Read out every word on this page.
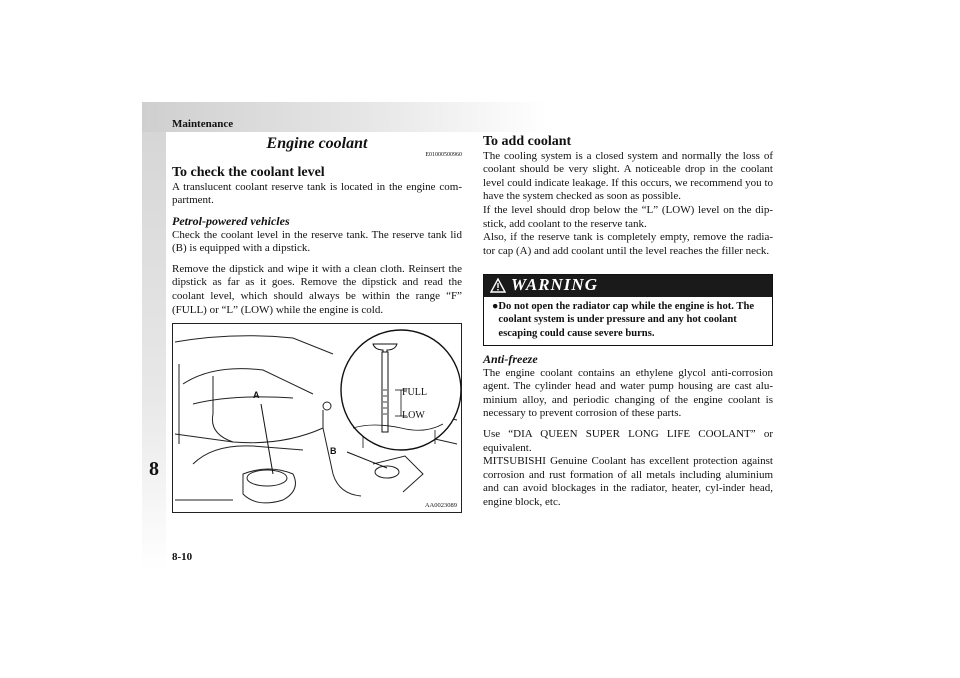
Maintenance
8
8-10
Engine coolant
E01000500960
To check the coolant level

A translucent coolant reserve tank is located in the engine com-partment.

Petrol-powered vehicles

Check the coolant level in the reserve tank. The reserve tank lid (B) is equipped with a dipstick.

Remove the dipstick and wipe it with a clean cloth. Reinsert the dipstick as far as it goes. Remove the dipstick and read the coolant level, which should always be within the range “F” (FULL) or “L” (LOW) while the engine is cold.

A
B
FULL
LOW
AA0023089
To add coolant

The cooling system is a closed system and normally the loss of coolant should be very slight. A noticeable drop in the coolant level could indicate leakage. If this occurs, we recommend you to have the system checked as soon as possible.

If the level should drop below the “L” (LOW) level on the dip-stick, add coolant to the reserve tank.

Also, if the reserve tank is completely empty, remove the radia-tor cap (A) and add coolant until the level reaches the filler neck.

WARNING
● Do not open the radiator cap while the engine is hot. The coolant system is under pressure and any hot coolant escaping could cause severe burns.
Anti-freeze

The engine coolant contains an ethylene glycol anti-corrosion agent. The cylinder head and water pump housing are cast alu-minium alloy, and periodic changing of the engine coolant is necessary to prevent corrosion of these parts.

Use “DIA QUEEN SUPER LONG LIFE COOLANT” or equivalent.

MITSUBISHI Genuine Coolant has excellent protection against corrosion and rust formation of all metals including aluminium and can avoid blockages in the radiator, heater, cyl-inder head, engine block, etc.
